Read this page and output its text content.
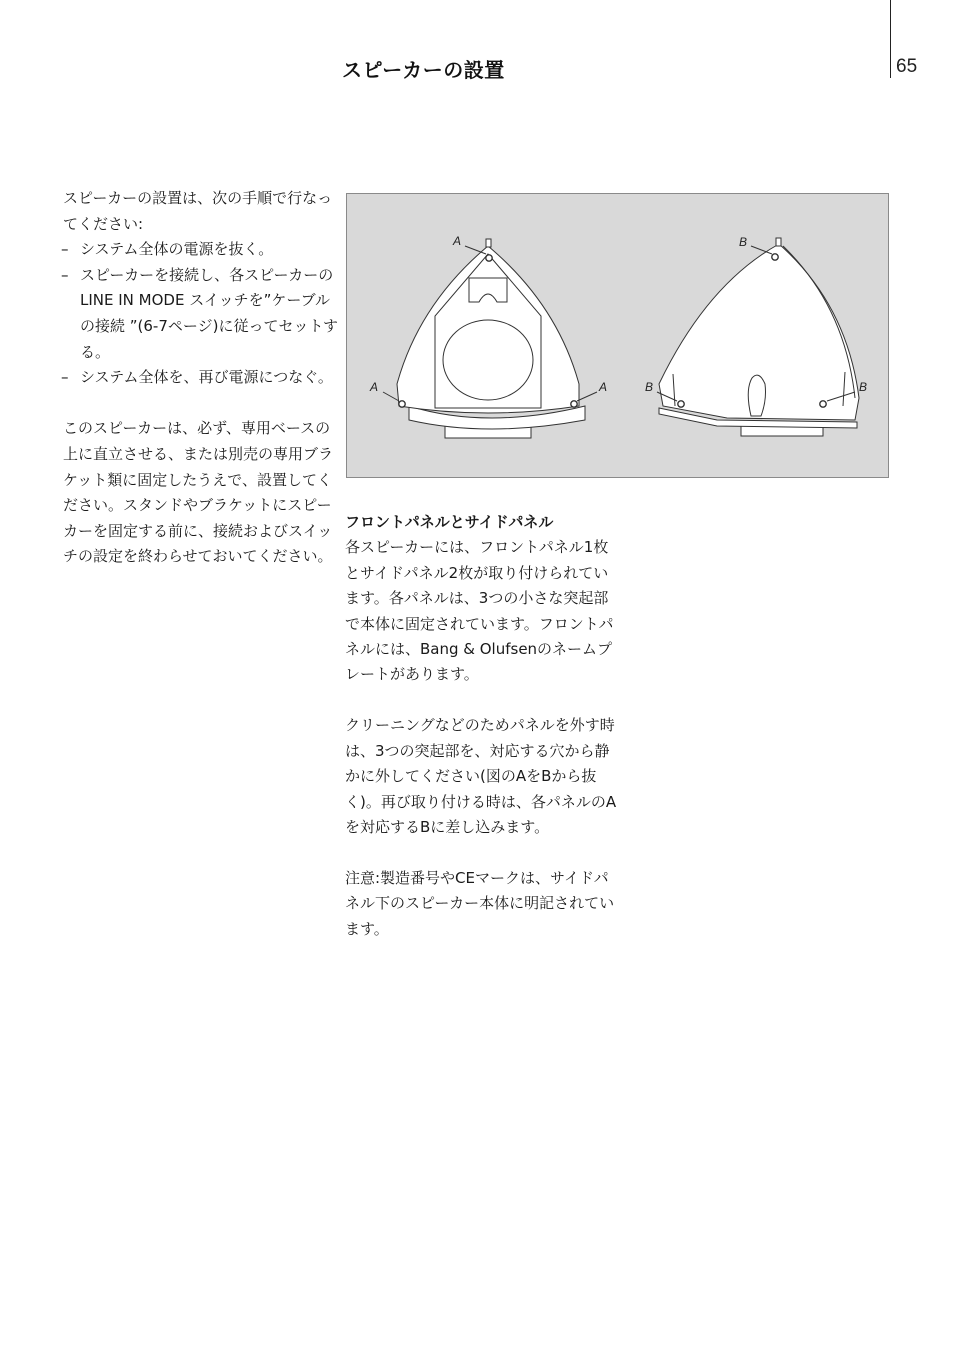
65
スピーカーの設置

スピーカーの設置は、次の手順で行なってください:

– システム全体の電源を抜く。
– スピーカーを接続し、各スピーカーの LINE IN MODE スイッチを”ケーブルの接続 ”(6-7ページ)に従ってセットする。
– システム全体を、再び電源につなぐ。

このスピーカーは、必ず、専用ベースの上に直立させる、または別売の専用ブラケット類に固定したうえで、設置してください。スタンドやブラケットにスピーカーを固定する前に、接続およびスイッチの設定を終わらせておいてください。

A
A	A
B
B	B

フロントパネルとサイドパネル

各スピーカーには、フロントパネル1枚とサイドパネル2枚が取り付けられています。各パネルは、3つの小さな突起部で本体に固定されています。フロントパネルには、Bang & Olufsenのネームプレートがあります。

クリーニングなどのためパネルを外す時は、3つの突起部を、対応する穴から静かに外してください(図のAをBから抜く)。再び取り付ける時は、各パネルのAを対応するBに差し込みます。

注意:製造番号やCEマークは、サイドパネル下のスピーカー本体に明記されています。
